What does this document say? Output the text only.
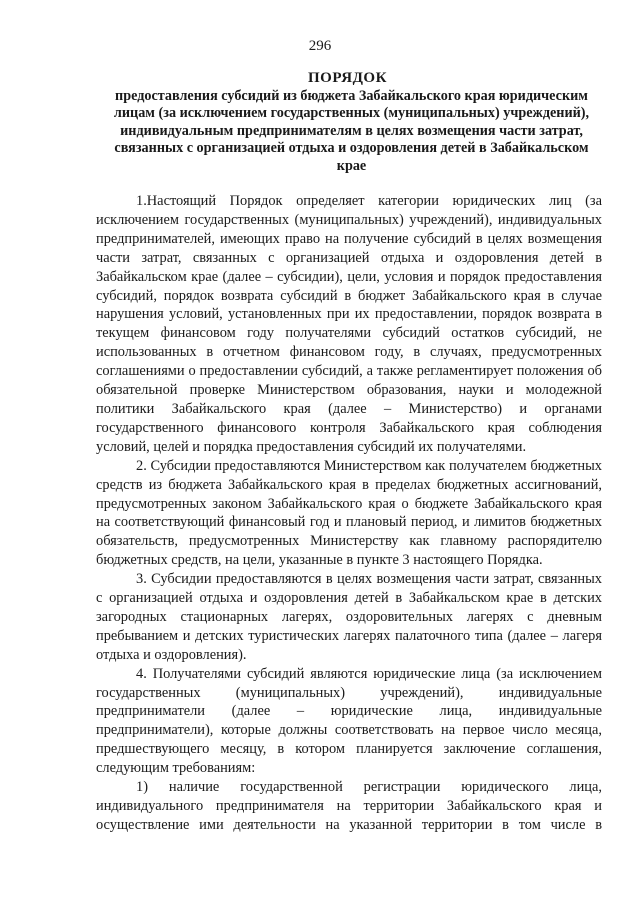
296
ПОРЯДОК
предоставления субсидий из бюджета Забайкальского края юридическим лицам (за исключением государственных (муниципальных) учреждений), индивидуальным предпринимателям в целях возмещения части затрат, связанных с организацией отдыха и оздоровления детей в Забайкальском крае

1.Настоящий Порядок определяет категории юридических лиц (за исключением государственных (муниципальных) учреждений), индивидуальных предпринимателей, имеющих право на получение субсидий в целях возмещения части затрат, связанных с организацией отдыха и оздоровления детей в Забайкальском крае (далее – субсидии), цели, условия и порядок предоставления субсидий, порядок возврата субсидий в бюджет Забайкальского края в случае нарушения условий, установленных при их предоставлении, порядок возврата в текущем финансовом году получателями субсидий остатков субсидий, не использованных в отчетном финансовом году, в случаях, предусмотренных соглашениями о предоставлении субсидий, а также регламентирует положения об обязательной проверке Министерством образования, науки и молодежной политики Забайкальского края (далее – Министерство) и органами государственного финансового контроля Забайкальского края соблюдения условий, целей и порядка предоставления субсидий их получателями.

2. Субсидии предоставляются Министерством как получателем бюджетных средств из бюджета Забайкальского края в пределах бюджетных ассигнований, предусмотренных законом Забайкальского края о бюджете Забайкальского края на соответствующий финансовый год и плановый период, и лимитов бюджетных обязательств, предусмотренных Министерству как главному распорядителю бюджетных средств, на цели, указанные в пункте 3 настоящего Порядка.

3. Субсидии предоставляются в целях возмещения части затрат, связанных с организацией отдыха и оздоровления детей в Забайкальском крае в детских загородных стационарных лагерях, оздоровительных лагерях с дневным пребыванием и детских туристических лагерях палаточного типа (далее – лагеря отдыха и оздоровления).

4. Получателями субсидий являются юридические лица (за исключением государственных (муниципальных) учреждений), индивидуальные предприниматели (далее – юридические лица, индивидуальные предприниматели), которые должны соответствовать на первое число месяца, предшествующего месяцу, в котором планируется заключение соглашения, следующим требованиям:

1) наличие государственной регистрации юридического лица, индивидуального предпринимателя на территории Забайкальского края и осуществление ими деятельности на указанной территории в том числе в
